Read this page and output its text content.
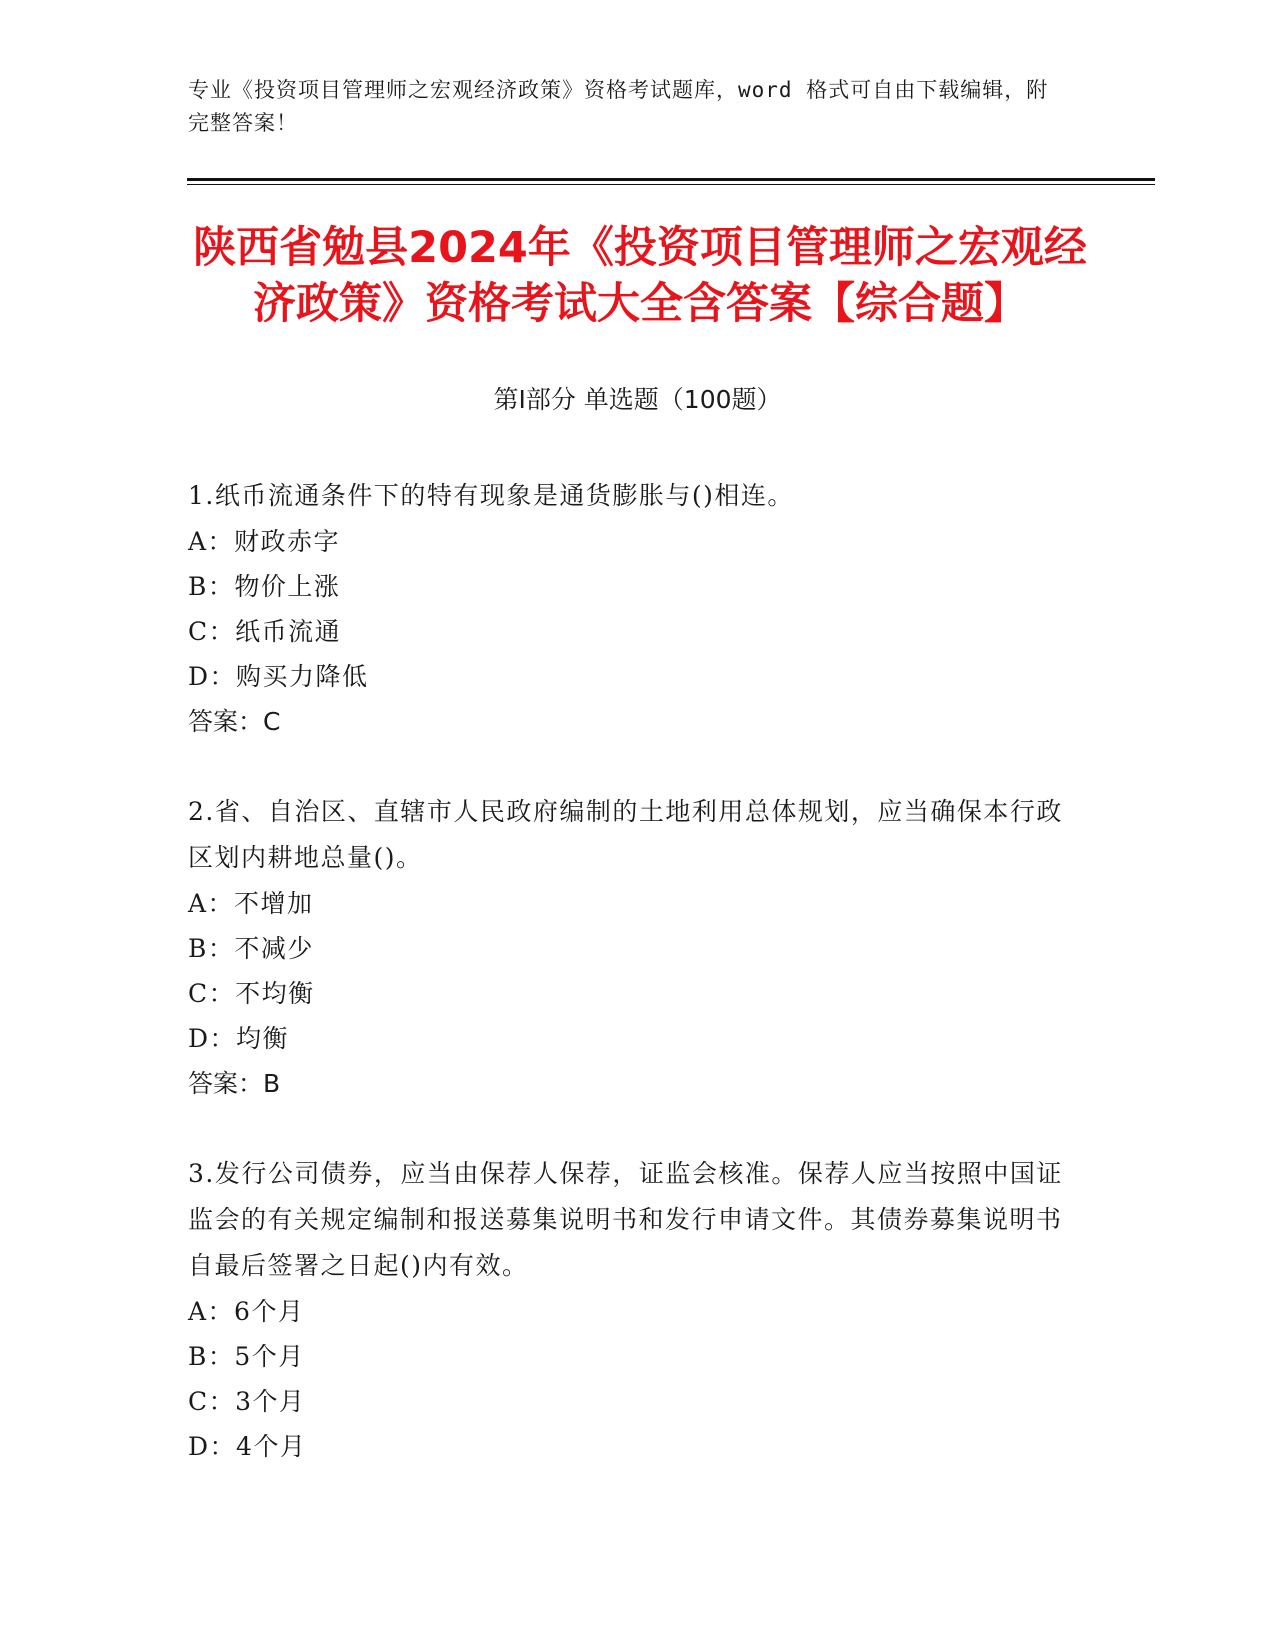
专业《投资项目管理师之宏观经济政策》资格考试题库，word 格式可自由下载编辑，附完整答案！
陕西省勉县2024年《投资项目管理师之宏观经济政策》资格考试大全含答案【综合题】
第Ⅰ部分 单选题（100题）
1.纸币流通条件下的特有现象是通货膨胀与()相连。
A：财政赤字
B：物价上涨
C：纸币流通
D：购买力降低
答案：C
2.省、自治区、直辖市人民政府编制的土地利用总体规划，应当确保本行政区划内耕地总量()。
A：不增加
B：不减少
C：不均衡
D：均衡
答案：B
3.发行公司债券，应当由保荐人保荐，证监会核准。保荐人应当按照中国证监会的有关规定编制和报送募集说明书和发行申请文件。其债券募集说明书自最后签署之日起()内有效。
A：6个月
B：5个月
C：3个月
D：4个月
